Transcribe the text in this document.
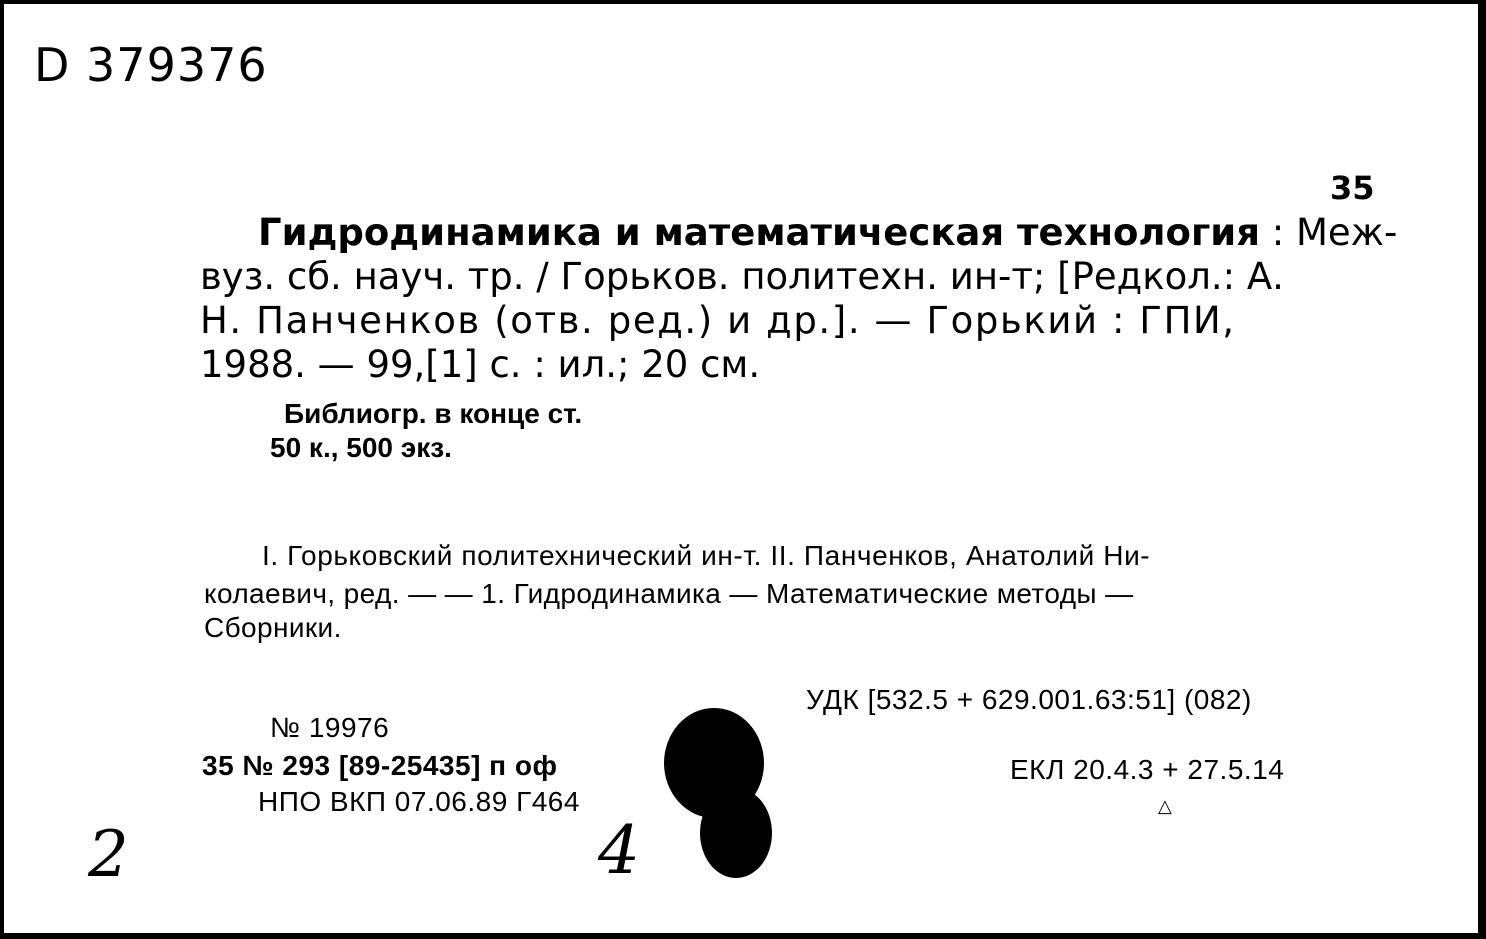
D 379376
35
Гидродинамика и математическая технология : Меж-
вуз. сб. науч. тр. / Горьков. политехн. ин-т; [Редкол.: А.
Н. Панченков (отв. ред.) и др.]. — Горький : ГПИ,
1988. — 99,[1] с. : ил.; 20 см.
Библиогр. в конце ст.
50 к., 500 экз.
I. Горьковский политехнический ин-т. II. Панченков, Анатолий Ни-
колаевич, ред. — — 1. Гидродинамика — Математические методы —
Сборники.
УДК [532.5 + 629.001.63:51] (082)
№ 19976
35 № 293 [89-25435] п оф
НПО ВКП 07.06.89 Г464
ЕКЛ 20.4.3 + 27.5.14
△
2	4
